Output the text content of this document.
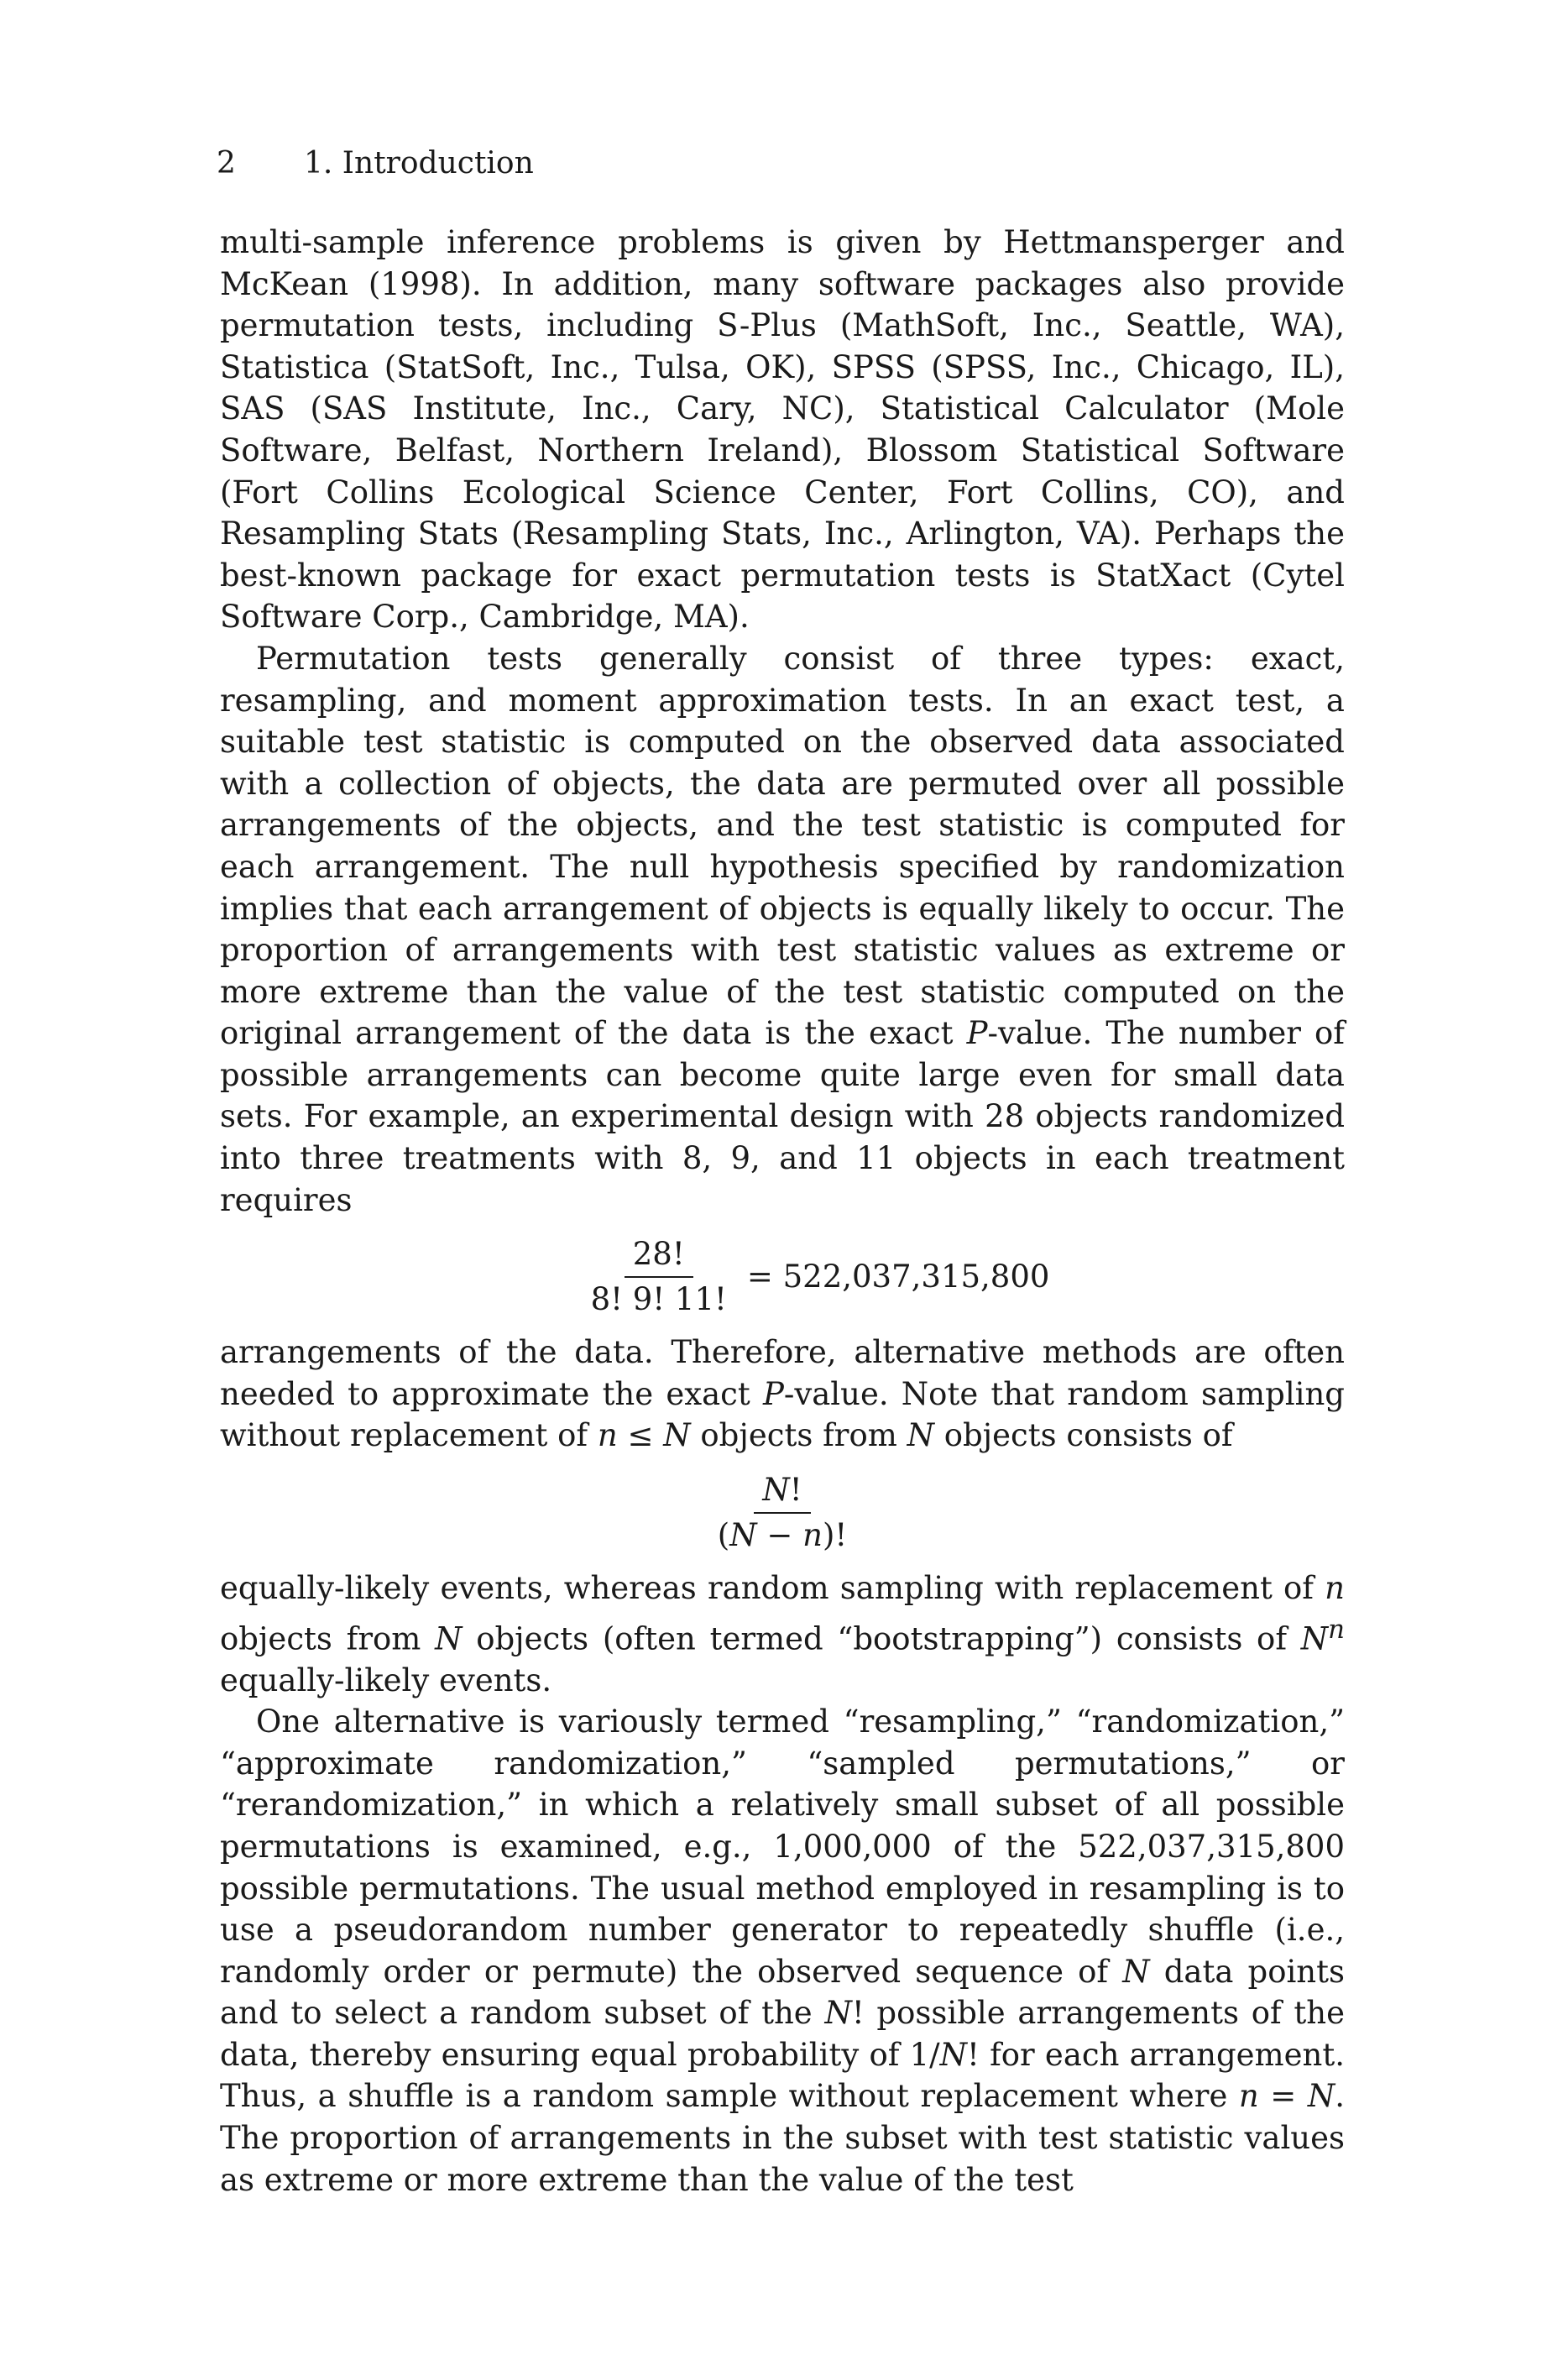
2 1. Introduction

multi-sample inference problems is given by Hettmansperger and McKean (1998). In addition, many software packages also provide permutation tests, including S-Plus (MathSoft, Inc., Seattle, WA), Statistica (StatSoft, Inc., Tulsa, OK), SPSS (SPSS, Inc., Chicago, IL), SAS (SAS Institute, Inc., Cary, NC), Statistical Calculator (Mole Software, Belfast, Northern Ireland), Blossom Statistical Software (Fort Collins Ecological Science Center, Fort Collins, CO), and Resampling Stats (Resampling Stats, Inc., Arlington, VA). Perhaps the best-known package for exact permutation tests is StatXact (Cytel Software Corp., Cambridge, MA).

Permutation tests generally consist of three types: exact, resampling, and moment approximation tests. In an exact test, a suitable test statistic is computed on the observed data associated with a collection of objects, the data are permuted over all possible arrangements of the objects, and the test statistic is computed for each arrangement. The null hypothesis specified by randomization implies that each arrangement of objects is equally likely to occur. The proportion of arrangements with test statistic values as extreme or more extreme than the value of the test statistic computed on the original arrangement of the data is the exact P-value. The number of possible arrangements can become quite large even for small data sets. For example, an experimental design with 28 objects randomized into three treatments with 8, 9, and 11 objects in each treatment requires

$\frac{28!}{8! 9! 11!} = 522,037,315,800$

arrangements of the data. Therefore, alternative methods are often needed to approximate the exact P-value. Note that random sampling without replacement of n ≤ N objects from N objects consists of

$\frac{N!}{(N - n)!}$

equally-likely events, whereas random sampling with replacement of n objects from N objects (often termed “bootstrapping”) consists of $N^n$ equally-likely events.

One alternative is variously termed “resampling,” “randomization,” “approximate randomization,” “sampled permutations,” or “rerandomization,” in which a relatively small subset of all possible permutations is examined, e.g., 1,000,000 of the 522,037,315,800 possible permutations. The usual method employed in resampling is to use a pseudorandom number generator to repeatedly shuffle (i.e., randomly order or permute) the observed sequence of N data points and to select a random subset of the N! possible arrangements of the data, thereby ensuring equal probability of 1/N! for each arrangement. Thus, a shuffle is a random sample without replacement where n = N. The proportion of arrangements in the subset with test statistic values as extreme or more extreme than the value of the test
